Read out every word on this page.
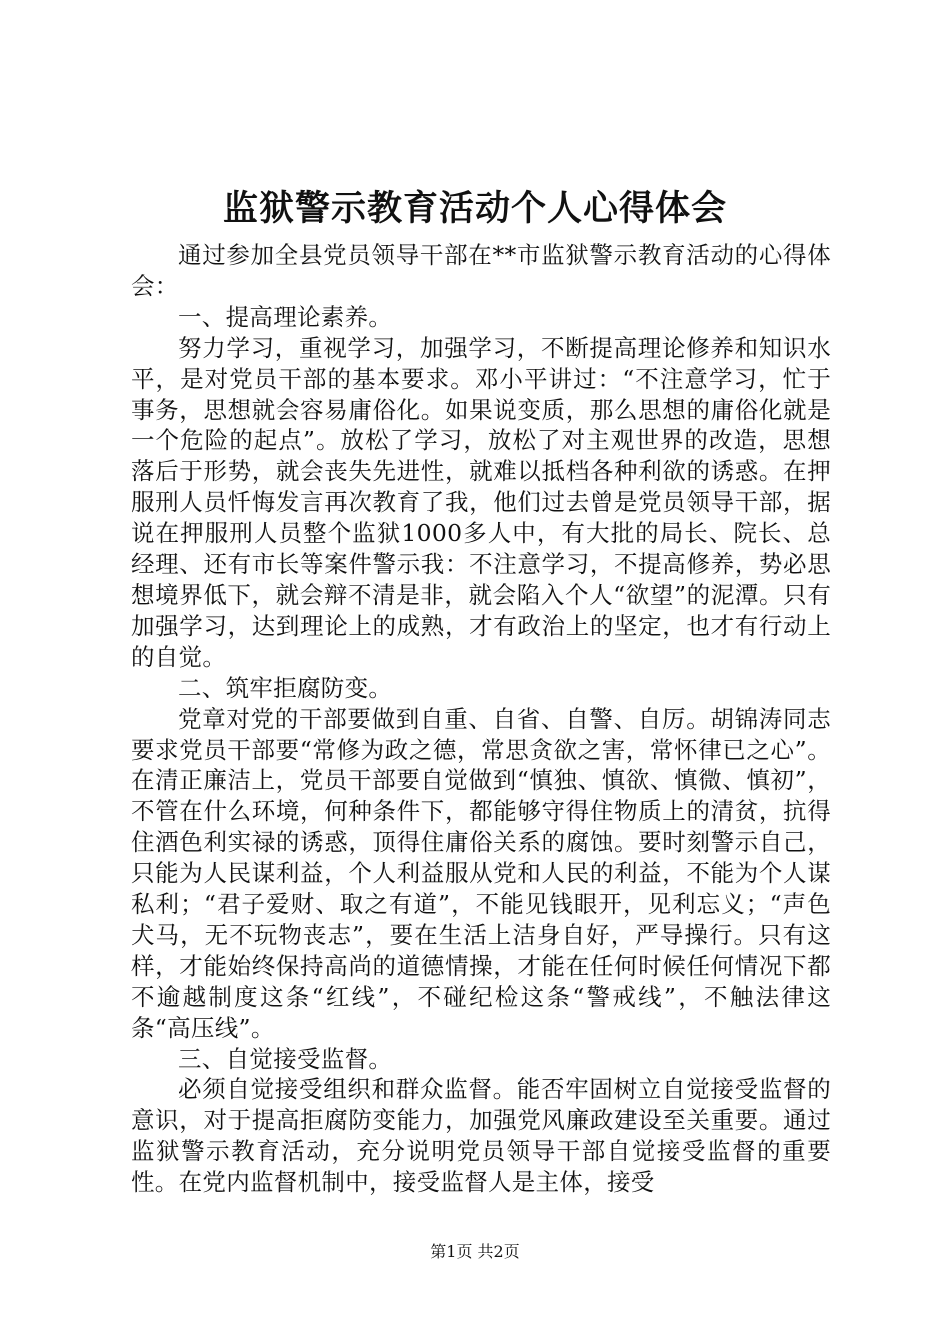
监狱警示教育活动个人心得体会

通过参加全县党员领导干部在**市监狱警示教育活动的心得体会：

一、提高理论素养。

努力学习，重视学习，加强学习，不断提高理论修养和知识水平，是对党员干部的基本要求。邓小平讲过：“不注意学习，忙于事务，思想就会容易庸俗化。如果说变质，那么思想的庸俗化就是一个危险的起点”。放松了学习，放松了对主观世界的改造，思想落后于形势，就会丧失先进性，就难以抵档各种利欲的诱惑。在押服刑人员忏悔发言再次教育了我，他们过去曾是党员领导干部，据说在押服刑人员整个监狱1000多人中，有大批的局长、院长、总经理、还有市长等案件警示我：不注意学习，不提高修养，势必思想境界低下，就会辩不清是非，就会陷入个人“欲望”的泥潭。只有加强学习，达到理论上的成熟，才有政治上的坚定，也才有行动上的自觉。

二、筑牢拒腐防变。

党章对党的干部要做到自重、自省、自警、自厉。胡锦涛同志要求党员干部要“常修为政之德，常思贪欲之害，常怀律已之心”。在清正廉洁上，党员干部要自觉做到“慎独、慎欲、慎微、慎初”，不管在什么环境，何种条件下，都能够守得住物质上的清贫，抗得住酒色利实禄的诱惑，顶得住庸俗关系的腐蚀。要时刻警示自己，只能为人民谋利益，个人利益服从党和人民的利益，不能为个人谋私利；“君子爱财、取之有道”，不能见钱眼开，见利忘义；“声色犬马，无不玩物丧志”，要在生活上洁身自好，严导操行。只有这样，才能始终保持高尚的道德情操，才能在任何时候任何情况下都不逾越制度这条“红线”，不碰纪检这条“警戒线”，不触法律这条“高压线”。

三、自觉接受监督。

必须自觉接受组织和群众监督。能否牢固树立自觉接受监督的意识，对于提高拒腐防变能力，加强党风廉政建设至关重要。通过监狱警示教育活动，充分说明党员领导干部自觉接受监督的重要性。在党内监督机制中，接受监督人是主体，接受

第1页 共2页
